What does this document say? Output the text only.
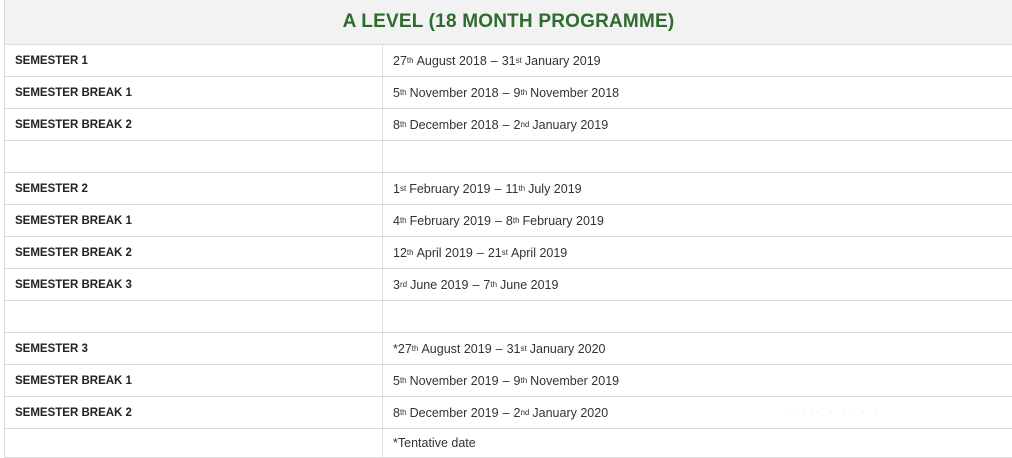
A LEVEL (18 MONTH PROGRAMME)
SEMESTER 1	27th August 2018 – 31st January 2019
SEMESTER BREAK 1	5th November 2018 – 9th November 2018
SEMESTER BREAK 2	8th December 2018 – 2nd January 2019

SEMESTER 2	1st February 2019 – 11th July 2019
SEMESTER BREAK 1	4th February 2019 – 8th February 2019
SEMESTER BREAK 2	12th April 2019 – 21st April 2019
SEMESTER BREAK 3	3rd June 2019 – 7th June 2019

SEMESTER 3	*27th August 2019 – 31st January 2020
SEMESTER BREAK 1	5th November 2019 – 9th November 2019
SEMESTER BREAK 2	8th December 2019 – 2nd January 2020
	*Tentative date
· ··· · ·· · ·
